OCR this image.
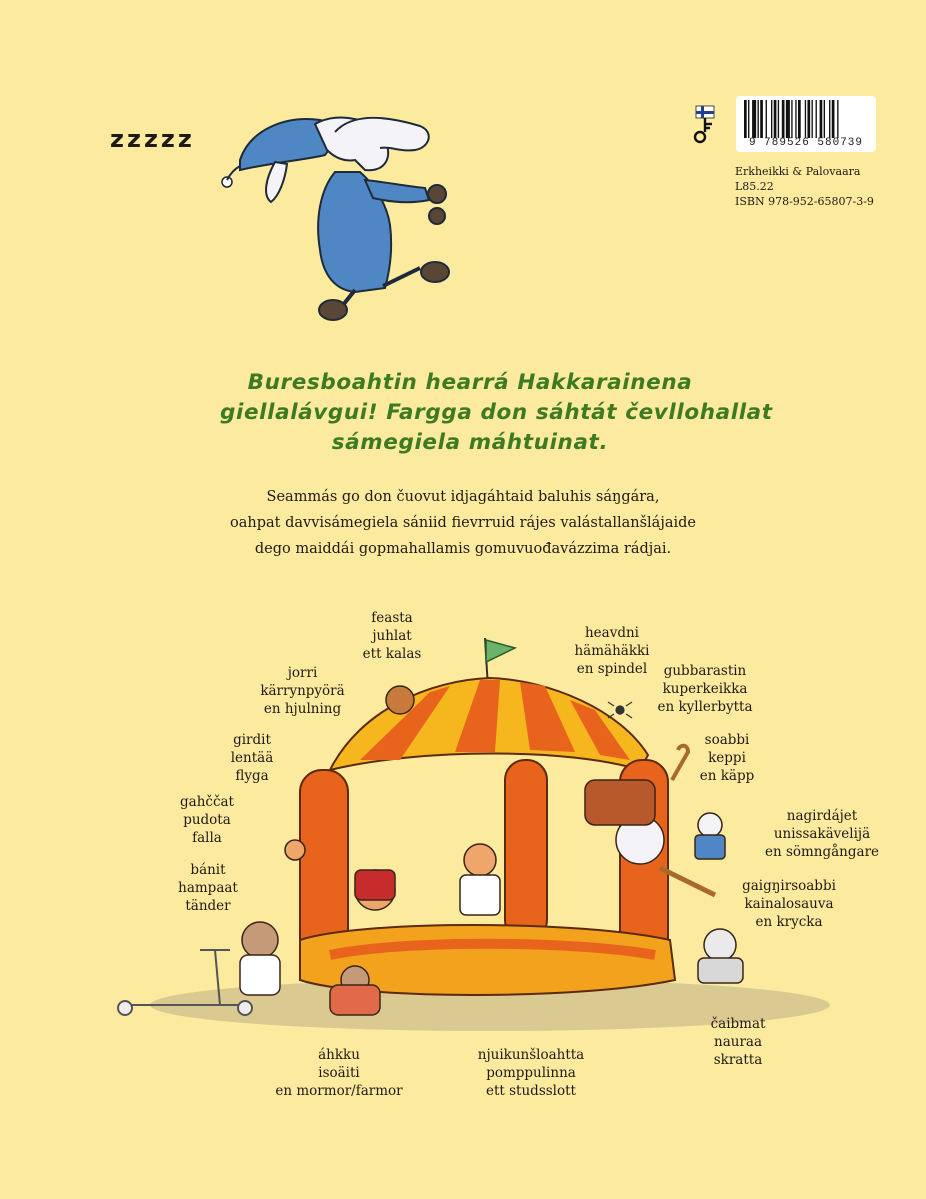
zzzzz	9 789526 580739
Erkheikki & Palovaara
L85.22
ISBN 978-952-65807-3-9
Buresboahtin hearrá Hakkarainena
giellalávgui! Fargga don sáhtát čevllohallat
sámegiela máhtuinat.
Seammás go don čuovut idjagáhtaid baluhis sáŋgára,
oahpat davvisámegiela sániid fievrruid rájes valástallanšlájaide
dego maiddái gopmahallamis gomuvuođavázzima rádjai.
feasta
juhlat
ett kalas
heavdni
hämähäkki
en spindel
jorri
kärrynpyörä
en hjulning
gubbarastin
kuperkeikka
en kyllerbytta
girdit
lentää
flyga
soabbi
keppi
en käpp
gahččat
pudota
falla
nagirdájet
unissakävelijä
en sömngångare
bánit
hampaat
tänder
gaigŋirsoabbi
kainalosauva
en krycka
čaibmat
nauraa
skratta
áhkku
isoäiti
en mormor/farmor
njuikunšloahtta
pomppulinna
ett studsslott
